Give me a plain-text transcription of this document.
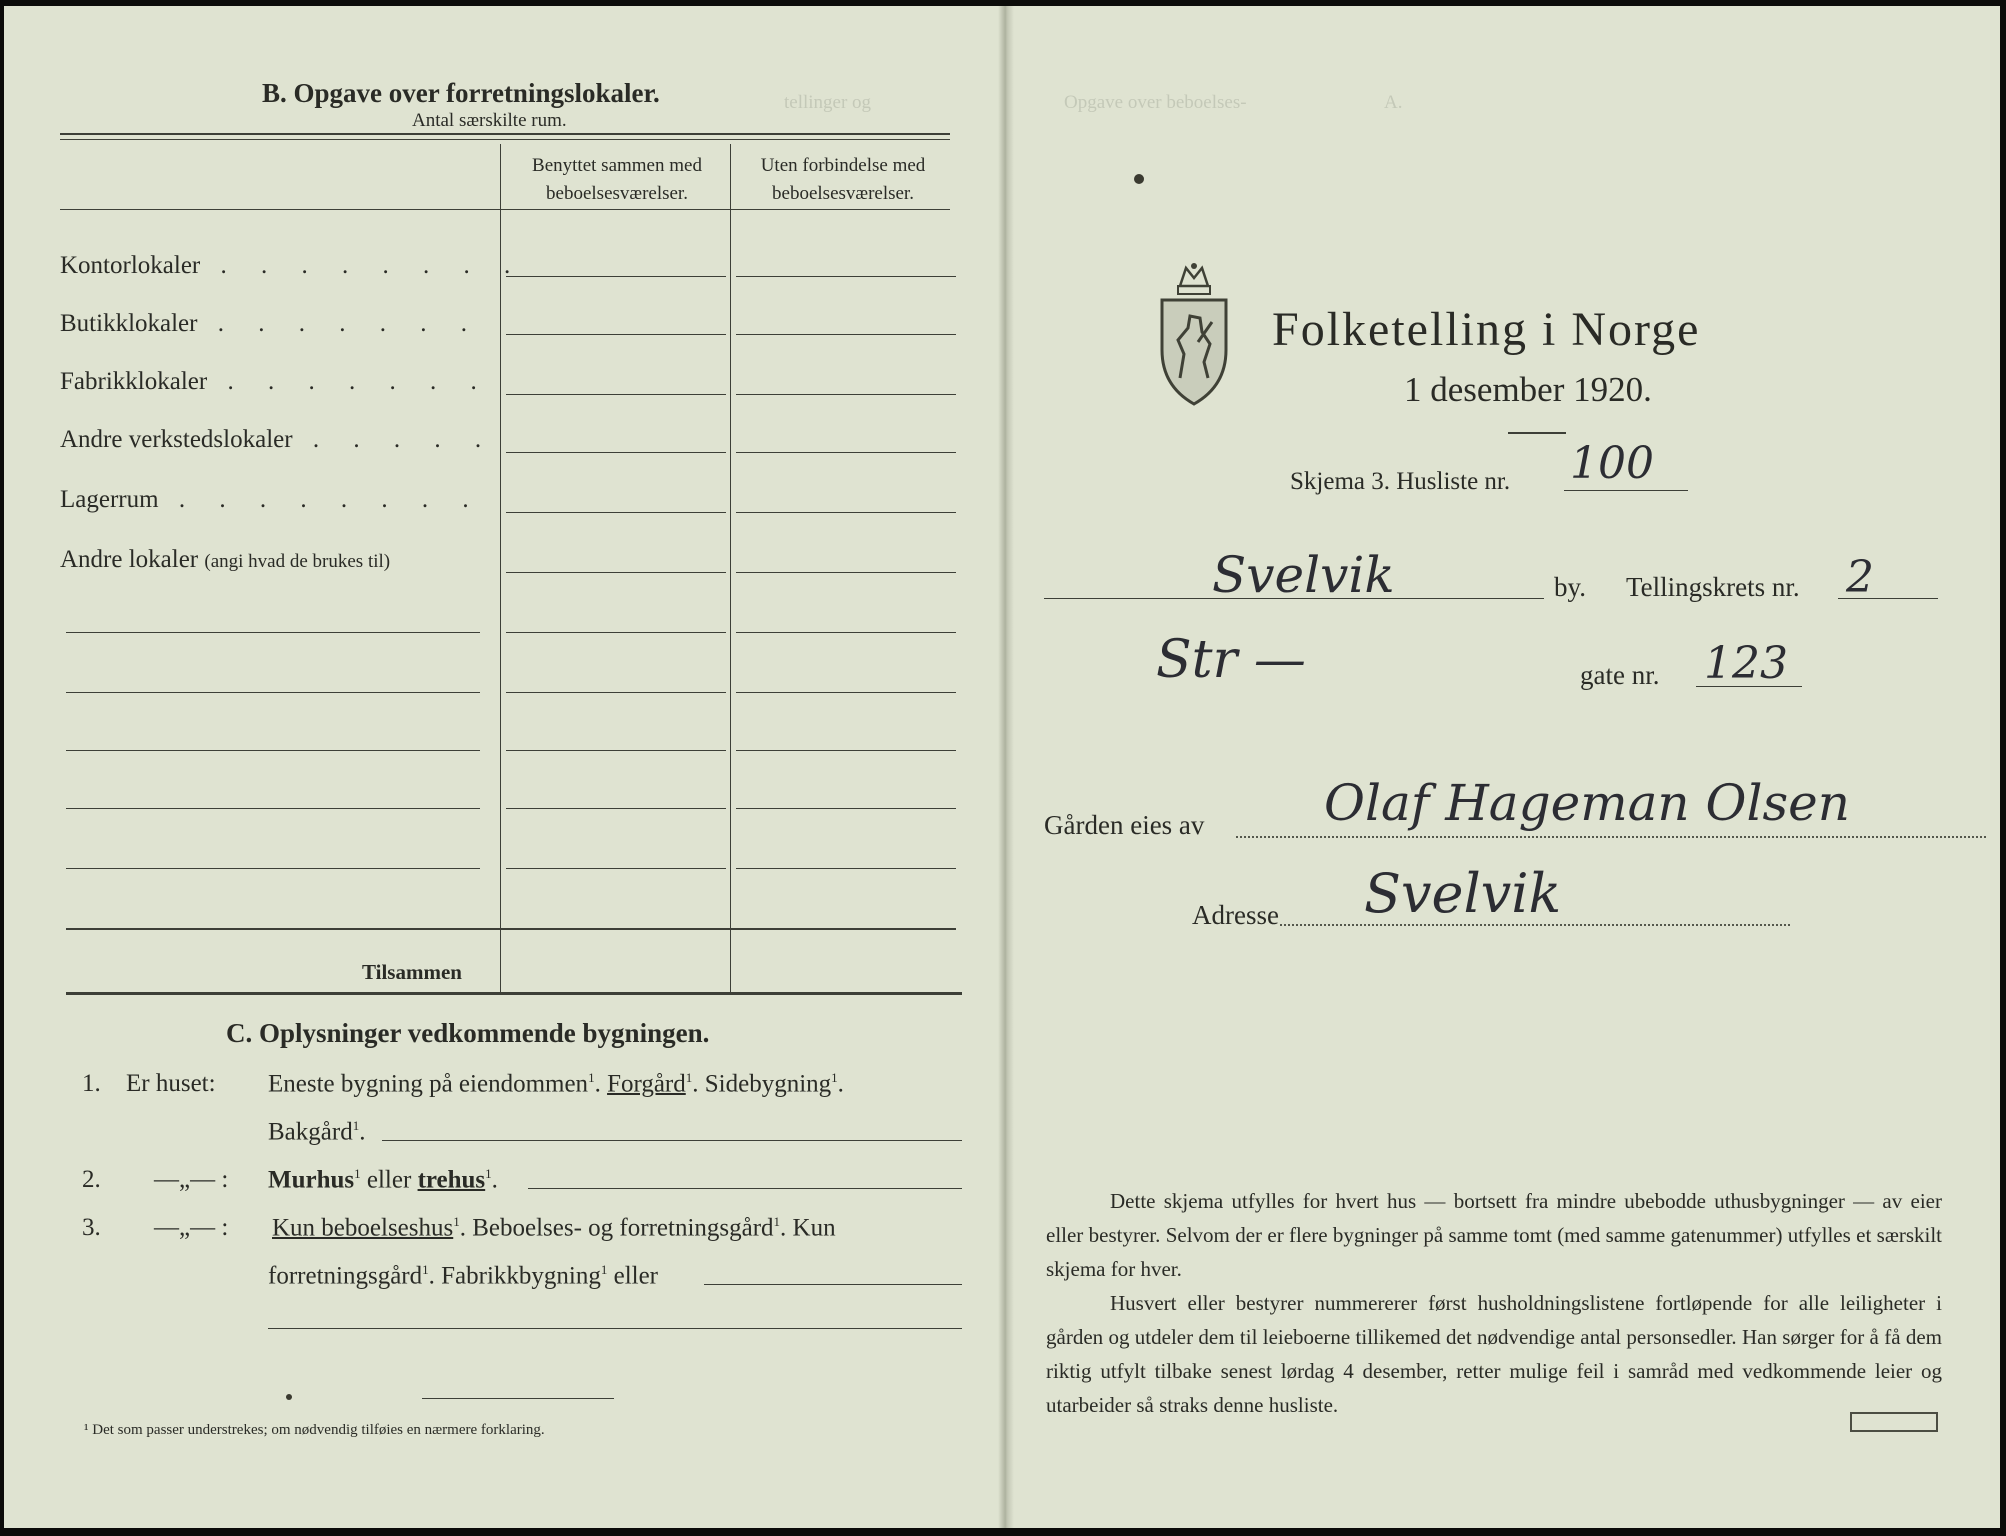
tellinger og	Opgave over beboelses-	A.
B. Opgave over forretningslokaler.
Antal særskilte rum.
Benyttet sammen med
beboelsesværelser.
Uten forbindelse med
beboelsesværelser.
Kontorlokaler . . . . . . . .
Butikklokaler . . . . . . .
Fabrikklokaler . . . . . . .
Andre verkstedslokaler . . . . .
Lagerrum . . . . . . . .
Andre lokaler (angi hvad de brukes til)
Tilsammen
C. Oplysninger vedkommende bygningen.
1. Er huset: Eneste bygning på eiendommen$^1$. Forgård$^1$. Sidebygning$^1$.
Bakgård$^1$.
2. —„— : Murhus$^1$ eller trehus$^1$.
3. —„— : Kun beboelseshus$^1$. Beboelses- og forretningsgård$^1$. Kun
forretningsgård$^1$. Fabrikkbygning$^1$ eller
¹ Det som passer understrekes; om nødvendig tilføies en nærmere forklaring.
Folketelling i Norge
1 desember 1920.
Skjema 3. Husliste nr. 100
Svelvik	by. Tellingskrets nr. 2
Str —	gate nr. 123
Gården eies av Olaf Hageman Olsen
Adresse Svelvik
Dette skjema utfylles for hvert hus — bortsett fra mindre ubebodde uthusbygninger — av eier eller bestyrer. Selvom der er flere bygninger på samme tomt (med samme gatenummer) utfylles et særskilt skjema for hver.
Husvert eller bestyrer nummererer først husholdningslistene fortløpende for alle leiligheter i gården og utdeler dem til leieboerne tillikemed det nødvendige antal personsedler. Han sørger for å få dem riktig utfylt tilbake senest lørdag 4 desember, retter mulige feil i samråd med vedkommende leier og utarbeider så straks denne husliste.
